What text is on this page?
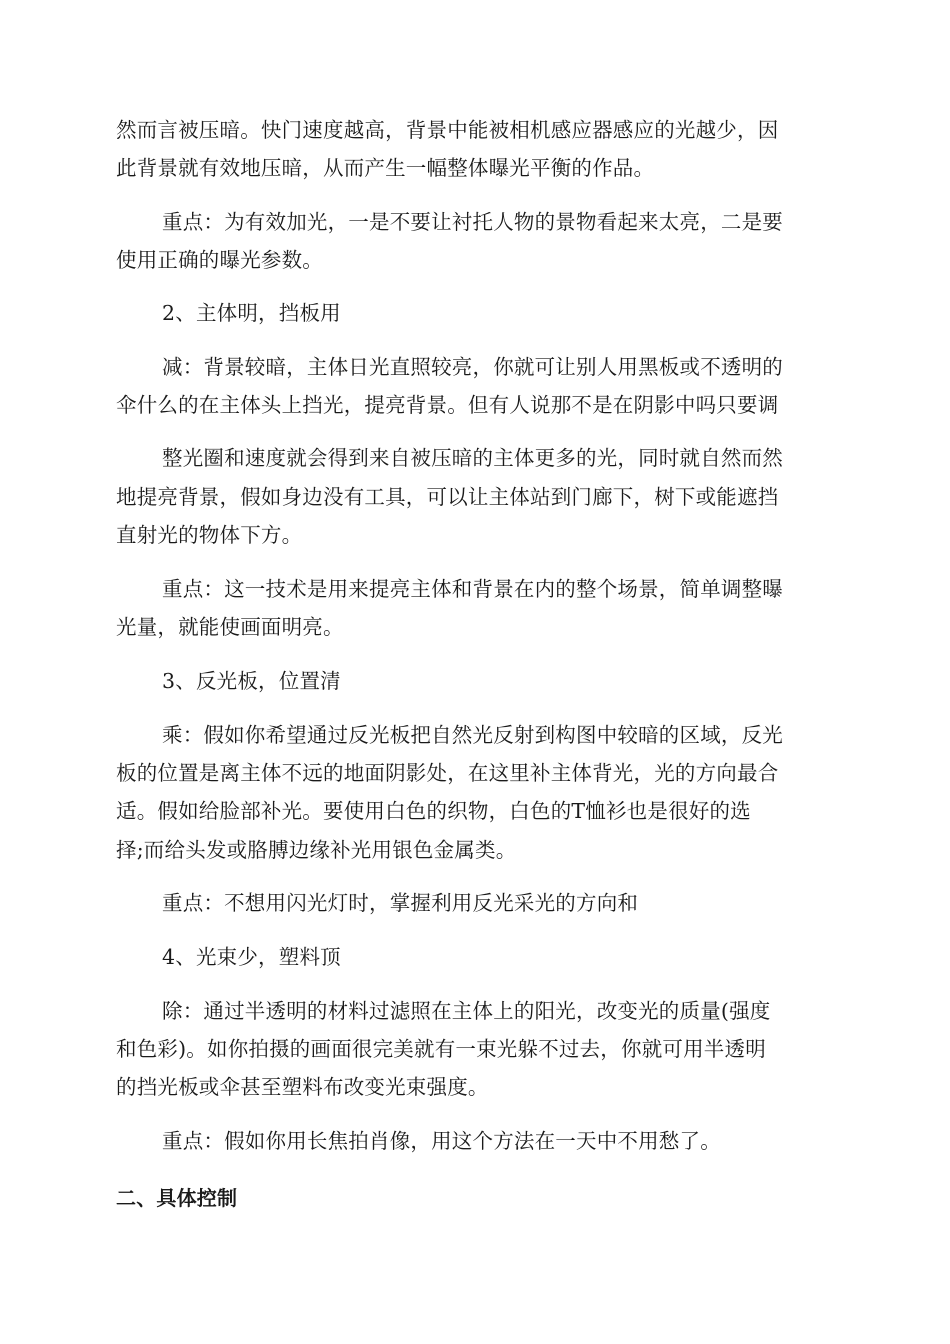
然而言被压暗。快门速度越高，背景中能被相机感应器感应的光越少，因
此背景就有效地压暗，从而产生一幅整体曝光平衡的作品。
重点：为有效加光，一是不要让衬托人物的景物看起来太亮，二是要
使用正确的曝光参数。
2、主体明，挡板用
减：背景较暗，主体日光直照较亮，你就可让别人用黑板或不透明的
伞什么的在主体头上挡光，提亮背景。但有人说那不是在阴影中吗只要调
整光圈和速度就会得到来自被压暗的主体更多的光，同时就自然而然
地提亮背景，假如身边没有工具，可以让主体站到门廊下，树下或能遮挡
直射光的物体下方。
重点：这一技术是用来提亮主体和背景在内的整个场景，简单调整曝
光量，就能使画面明亮。
3、反光板，位置清
乘：假如你希望通过反光板把自然光反射到构图中较暗的区域，反光
板的位置是离主体不远的地面阴影处，在这里补主体背光，光的方向最合
适。假如给脸部补光。要使用白色的织物，白色的T恤衫也是很好的选
择;而给头发或胳膊边缘补光用银色金属类。
重点：不想用闪光灯时，掌握利用反光采光的方向和
4、光束少，塑料顶
除：通过半透明的材料过滤照在主体上的阳光，改变光的质量(强度
和色彩)。如你拍摄的画面很完美就有一束光躲不过去，你就可用半透明
的挡光板或伞甚至塑料布改变光束强度。
重点：假如你用长焦拍肖像，用这个方法在一天中不用愁了。
二、具体控制
